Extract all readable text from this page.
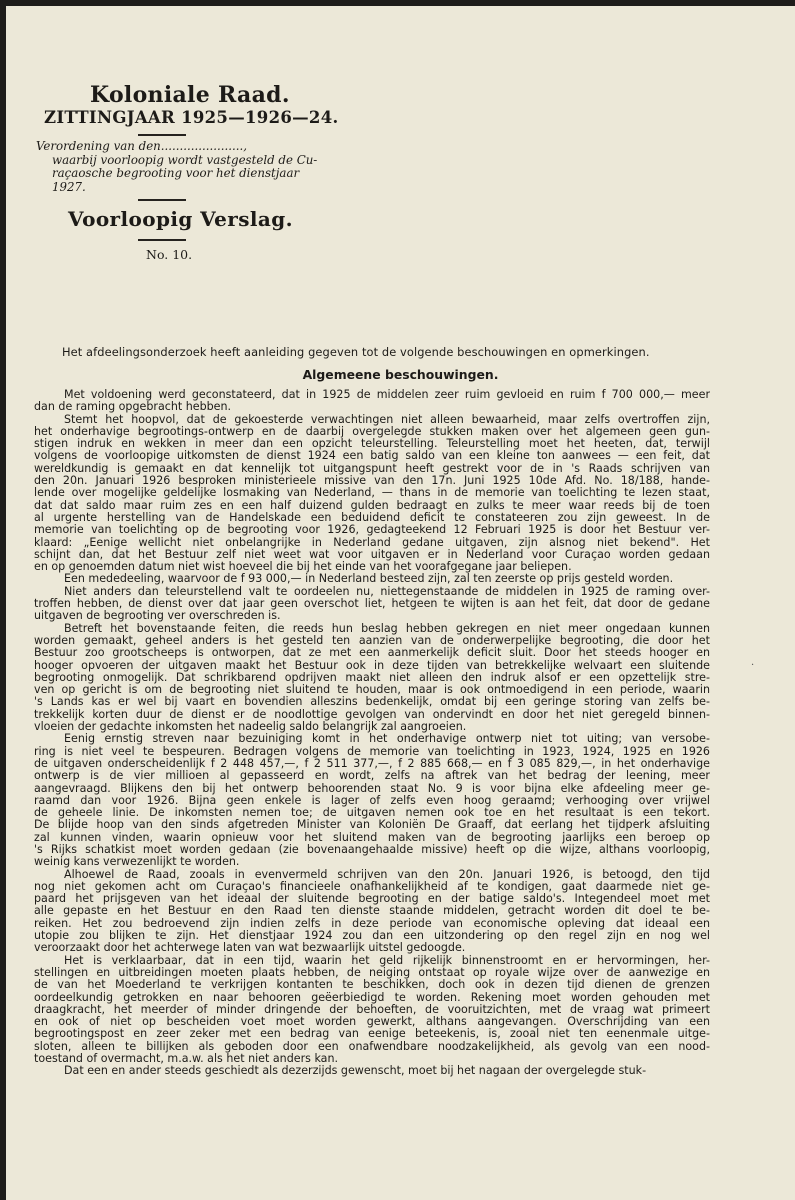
Koloniale Raad.
ZITTINGJAAR 1925—1926—24.
Verordening van den......................,
waarbij voorloopig wordt vastgesteld de Cu-
raçaosche begrooting voor het dienstjaar
1927.
Voorloopig Verslag.
No. 10.
Het afdeelingsonderzoek heeft aanleiding gegeven tot de volgende beschouwingen en opmerkingen.
Algemeene beschouwingen.
Met voldoening werd geconstateerd, dat in 1925 de middelen zeer ruim gevloeid en ruim f 700 000,— meer
dan de raming opgebracht hebben.
Stemt het hoopvol, dat de gekoesterde verwachtingen niet alleen bewaarheid, maar zelfs overtroffen zijn,
het onderhavige begrootings-ontwerp en de daarbij overgelegde stukken maken over het algemeen geen gun-
stigen indruk en wekken in meer dan een opzicht teleurstelling. Teleurstelling moet het heeten, dat, terwijl
volgens de voorloopige uitkomsten de dienst 1924 een batig saldo van een kleine ton aanwees — een feit, dat
wereldkundig is gemaakt en dat kennelijk tot uitgangspunt heeft gestrekt voor de in 's Raads schrijven van
den 20n. Januari 1926 besproken ministerieele missive van den 17n. Juni 1925 10de Afd. No. 18/188, hande-
lende over mogelijke geldelijke losmaking van Nederland, — thans in de memorie van toelichting te lezen staat,
dat dat saldo maar ruim zes en een half duizend gulden bedraagt en zulks te meer waar reeds bij de toen
al urgente herstelling van de Handelskade een beduidend deficit te constateeren zou zijn geweest. In de
memorie van toelichting op de begrooting voor 1926, gedagteekend 12 Februari 1925 is door het Bestuur ver-
klaard: „Eenige wellicht niet onbelangrijke in Nederland gedane uitgaven, zijn alsnog niet bekend". Het
schijnt dan, dat het Bestuur zelf niet weet wat voor uitgaven er in Nederland voor Curaçao worden gedaan
en op genoemden datum niet wist hoeveel die bij het einde van het voorafgegane jaar beliepen.
Een mededeeling, waarvoor de f 93 000,— in Nederland besteed zijn, zal ten zeerste op prijs gesteld worden.
Niet anders dan teleurstellend valt te oordeelen nu, niettegenstaande de middelen in 1925 de raming over-
troffen hebben, de dienst over dat jaar geen overschot liet, hetgeen te wijten is aan het feit, dat door de gedane
uitgaven de begrooting ver overschreden is.
Betreft het bovenstaande feiten, die reeds hun beslag hebben gekregen en niet meer ongedaan kunnen
worden gemaakt, geheel anders is het gesteld ten aanzien van de onderwerpelijke begrooting, die door het
Bestuur zoo grootscheeps is ontworpen, dat ze met een aanmerkelijk deficit sluit. Door het steeds hooger en
hooger opvoeren der uitgaven maakt het Bestuur ook in deze tijden van betrekkelijke welvaart een sluitende
begrooting onmogelijk. Dat schrikbarend opdrijven maakt niet alleen den indruk alsof er een opzettelijk stre-
ven op gericht is om de begrooting niet sluitend te houden, maar is ook ontmoedigend in een periode, waarin
's Lands kas er wel bij vaart en bovendien alleszins bedenkelijk, omdat bij een geringe storing van zelfs be-
trekkelijk korten duur de dienst er de noodlottige gevolgen van ondervindt en door het niet geregeld binnen-
vloeien der gedachte inkomsten het nadeelig saldo belangrijk zal aangroeien.
Eenig ernstig streven naar bezuiniging komt in het onderhavige ontwerp niet tot uiting; van versobe-
ring is niet veel te bespeuren. Bedragen volgens de memorie van toelichting in 1923, 1924, 1925 en 1926
de uitgaven onderscheidenlijk f 2 448 457,—, f 2 511 377,—, f 2 885 668,— en f 3 085 829,—, in het onderhavige
ontwerp is de vier millioen al gepasseerd en wordt, zelfs na aftrek van het bedrag der leening, meer
aangevraagd. Blijkens den bij het ontwerp behoorenden staat No. 9 is voor bijna elke afdeeling meer ge-
raamd dan voor 1926. Bijna geen enkele is lager of zelfs even hoog geraamd; verhooging over vrijwel
de geheele linie. De inkomsten nemen toe; de uitgaven nemen ook toe en het resultaat is een tekort.
De blijde hoop van den sinds afgetreden Minister van Koloniën De Graaff, dat eerlang het tijdperk afsluiting
zal kunnen vinden, waarin opnieuw voor het sluitend maken van de begrooting jaarlijks een beroep op
's Rijks schatkist moet worden gedaan (zie bovenaangehaalde missive) heeft op die wijze, althans voorloopig,
weinig kans verwezenlijkt te worden.
Alhoewel de Raad, zooals in evenvermeld schrijven van den 20n. Januari 1926, is betoogd, den tijd
nog niet gekomen acht om Curaçao's financieele onafhankelijkheid af te kondigen, gaat daarmede niet ge-
paard het prijsgeven van het ideaal der sluitende begrooting en der batige saldo's. Integendeel moet met
alle gepaste en het Bestuur en den Raad ten dienste staande middelen, getracht worden dit doel te be-
reiken. Het zou bedroevend zijn indien zelfs in deze periode van economische opleving dat ideaal een
utopie zou blijken te zijn. Het dienstjaar 1924 zou dan een uitzondering op den regel zijn en nog wel
veroorzaakt door het achterwege laten van wat bezwaarlijk uitstel gedoogde.
Het is verklaarbaar, dat in een tijd, waarin het geld rijkelijk binnenstroomt en er hervormingen, her-
stellingen en uitbreidingen moeten plaats hebben, de neiging ontstaat op royale wijze over de aanwezige en
de van het Moederland te verkrijgen kontanten te beschikken, doch ook in dezen tijd dienen de grenzen
oordeelkundig getrokken en naar behooren geëerbiedigd te worden. Rekening moet worden gehouden met
draagkracht, het meerder of minder dringende der behoeften, de vooruitzichten, met de vraag wat primeert
en ook of niet op bescheiden voet moet worden gewerkt, althans aangevangen. Overschrijding van een
begrootingspost en zeer zeker met een bedrag van eenige beteekenis, is, zooal niet ten eenenmale uitge-
sloten, alleen te billijken als geboden door een onafwendbare noodzakelijkheid, als gevolg van een nood-
toestand of overmacht, m.a.w. als het niet anders kan.
Dat een en ander steeds geschiedt als dezerzijds gewenscht, moet bij het nagaan der overgelegde stuk-
·
